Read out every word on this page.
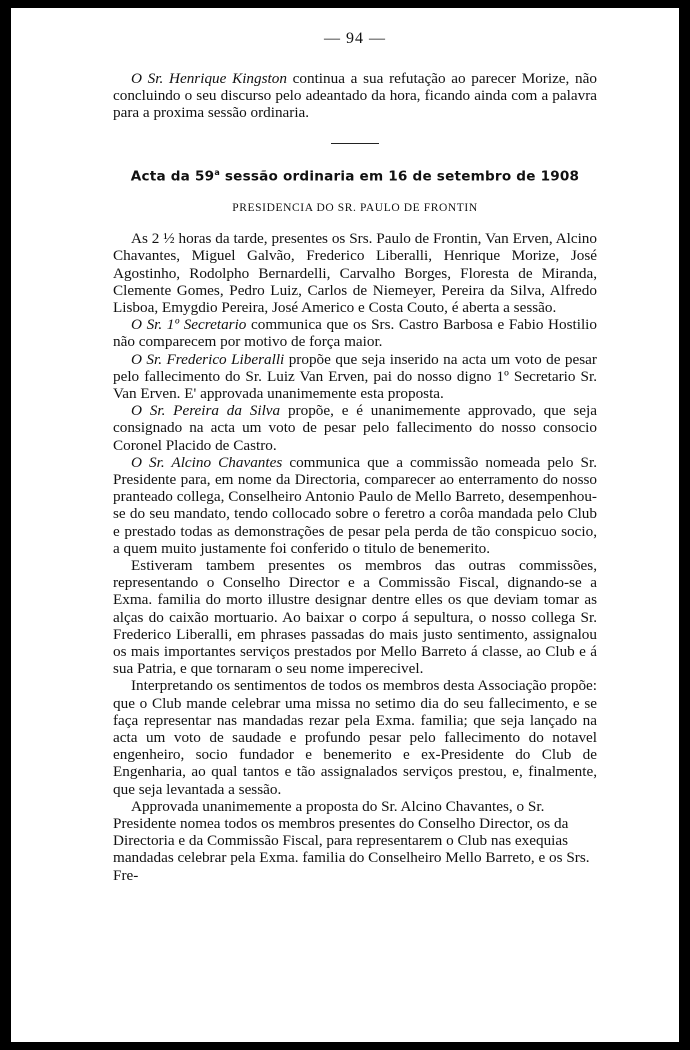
— 94 —

O Sr. Henrique Kingston continua a sua refutação ao parecer Morize, não concluindo o seu discurso pelo adeantado da hora, ficando ainda com a palavra para a proxima sessão ordinaria.

Acta da 59$^a$ sessão ordinaria em 16 de setembro de 1908
PRESIDENCIA DO SR. PAULO DE FRONTIN

As 2 ½ horas da tarde, presentes os Srs. Paulo de Frontin, Van Erven, Alcino Chavantes, Miguel Galvão, Frederico Liberalli, Henrique Morize, José Agostinho, Rodolpho Bernardelli, Carvalho Borges, Floresta de Miranda, Clemente Gomes, Pedro Luiz, Carlos de Niemeyer, Pereira da Silva, Alfredo Lisboa, Emygdio Pereira, José Americo e Costa Couto, é aberta a sessão.

O Sr. 1º Secretario communica que os Srs. Castro Barbosa e Fabio Hostilio não comparecem por motivo de força maior.

O Sr. Frederico Liberalli propõe que seja inserido na acta um voto de pesar pelo fallecimento do Sr. Luiz Van Erven, pai do nosso digno 1º Secretario Sr. Van Erven. E' approvada unanimemente esta proposta.

O Sr. Pereira da Silva propõe, e é unanimemente approvado, que seja consignado na acta um voto de pesar pelo fallecimento do nosso consocio Coronel Placido de Castro.

O Sr. Alcino Chavantes communica que a commissão nomeada pelo Sr. Presidente para, em nome da Directoria, comparecer ao enterramento do nosso pranteado collega, Conselheiro Antonio Paulo de Mello Barreto, desempenhou-se do seu mandato, tendo collocado sobre o feretro a corôa mandada pelo Club e prestado todas as demonstrações de pesar pela perda de tão conspicuo socio, a quem muito justamente foi conferido o titulo de benemerito.

Estiveram tambem presentes os membros das outras commissões, representando o Conselho Director e a Commissão Fiscal, dignando-se a Exma. familia do morto illustre designar dentre elles os que deviam tomar as alças do caixão mortuario. Ao baixar o corpo á sepultura, o nosso collega Sr. Frederico Liberalli, em phrases passadas do mais justo sentimento, assignalou os mais importantes serviços prestados por Mello Barreto á classe, ao Club e á sua Patria, e que tornaram o seu nome imperecivel.

Interpretando os sentimentos de todos os membros desta Associação propõe: que o Club mande celebrar uma missa no setimo dia do seu fallecimento, e se faça representar nas mandadas rezar pela Exma. familia; que seja lançado na acta um voto de saudade e profundo pesar pelo fallecimento do notavel engenheiro, socio fundador e benemerito e ex-Presidente do Club de Engenharia, ao qual tantos e tão assignalados serviços prestou, e, finalmente, que seja levantada a sessão.

Approvada unanimemente a proposta do Sr. Alcino Chavantes, o Sr. Presidente nomea todos os membros presentes do Conselho Director, os da Directoria e da Commissão Fiscal, para representarem o Club nas exequias mandadas celebrar pela Exma. familia do Conselheiro Mello Barreto, e os Srs. Fre-
